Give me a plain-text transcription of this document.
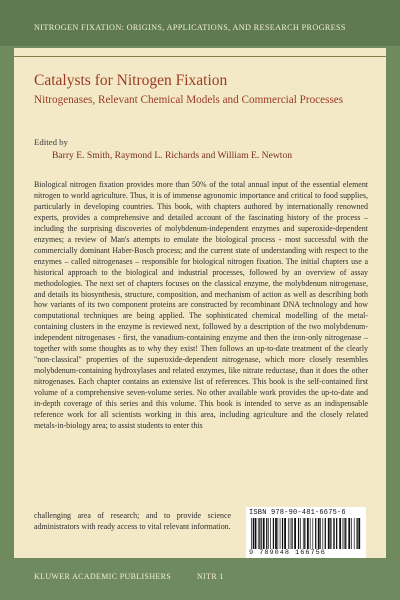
NITROGEN FIXATION: ORIGINS, APPLICATIONS, AND RESEARCH PROGRESS
Catalysts for Nitrogen Fixation
Nitrogenases, Relevant Chemical Models and Commercial Processes
Edited by
Barry E. Smith, Raymond L. Richards and William E. Newton

Biological nitrogen fixation provides more than 50% of the total annual input of the essential element nitrogen to world agriculture. Thus, it is of immense agronomic importance and critical to food supplies, particularly in developing countries. This book, with chapters authored by internationally renowned experts, provides a comprehensive and detailed account of the fascinating history of the process – including the surprising discoveries of molybdenum-independent enzymes and superoxide-dependent enzymes; a review of Man's attempts to emulate the biological process - most successful with the commercially dominant Haber-Bosch process; and the current state of understanding with respect to the enzymes – called nitrogenases – responsible for biological nitrogen fixation. The initial chapters use a historical approach to the biological and industrial processes, followed by an overview of assay methodologies. The next set of chapters focuses on the classical enzyme, the molybdenum nitrogenase, and details its biosynthesis, structure, composition, and mechanism of action as well as describing both how variants of its two component proteins are constructed by recombinant DNA technology and how computational techniques are being applied. The sophisticated chemical modelling of the metal-containing clusters in the enzyme is reviewed next, followed by a description of the two molybdenum-independent nitrogenases - first, the vanadium-containing enzyme and then the iron-only nitrogenase – together with some thoughts as to why they exist! Then follows an up-to-date treatment of the clearly "non-classical" properties of the superoxide-dependent nitrogenase, which more closely resembles molybdenum-containing hydroxylases and related enzymes, like nitrate reductase, than it does the other nitrogenases. Each chapter contains an extensive list of references. This book is the self-contained first volume of a comprehensive seven-volume series. No other available work provides the up-to-date and in-depth coverage of this series and this volume. This book is intended to serve as an indispensable reference work for all scientists working in this area, including agriculture and the closely related metals-in-biology area; to assist students to enter this

challenging area of research; and to provide science administrators with ready access to vital relevant information.

ISBN 978-90-481-6675-6
9 789048 166756
KLUWER ACADEMIC PUBLISHERS	NITR 1
